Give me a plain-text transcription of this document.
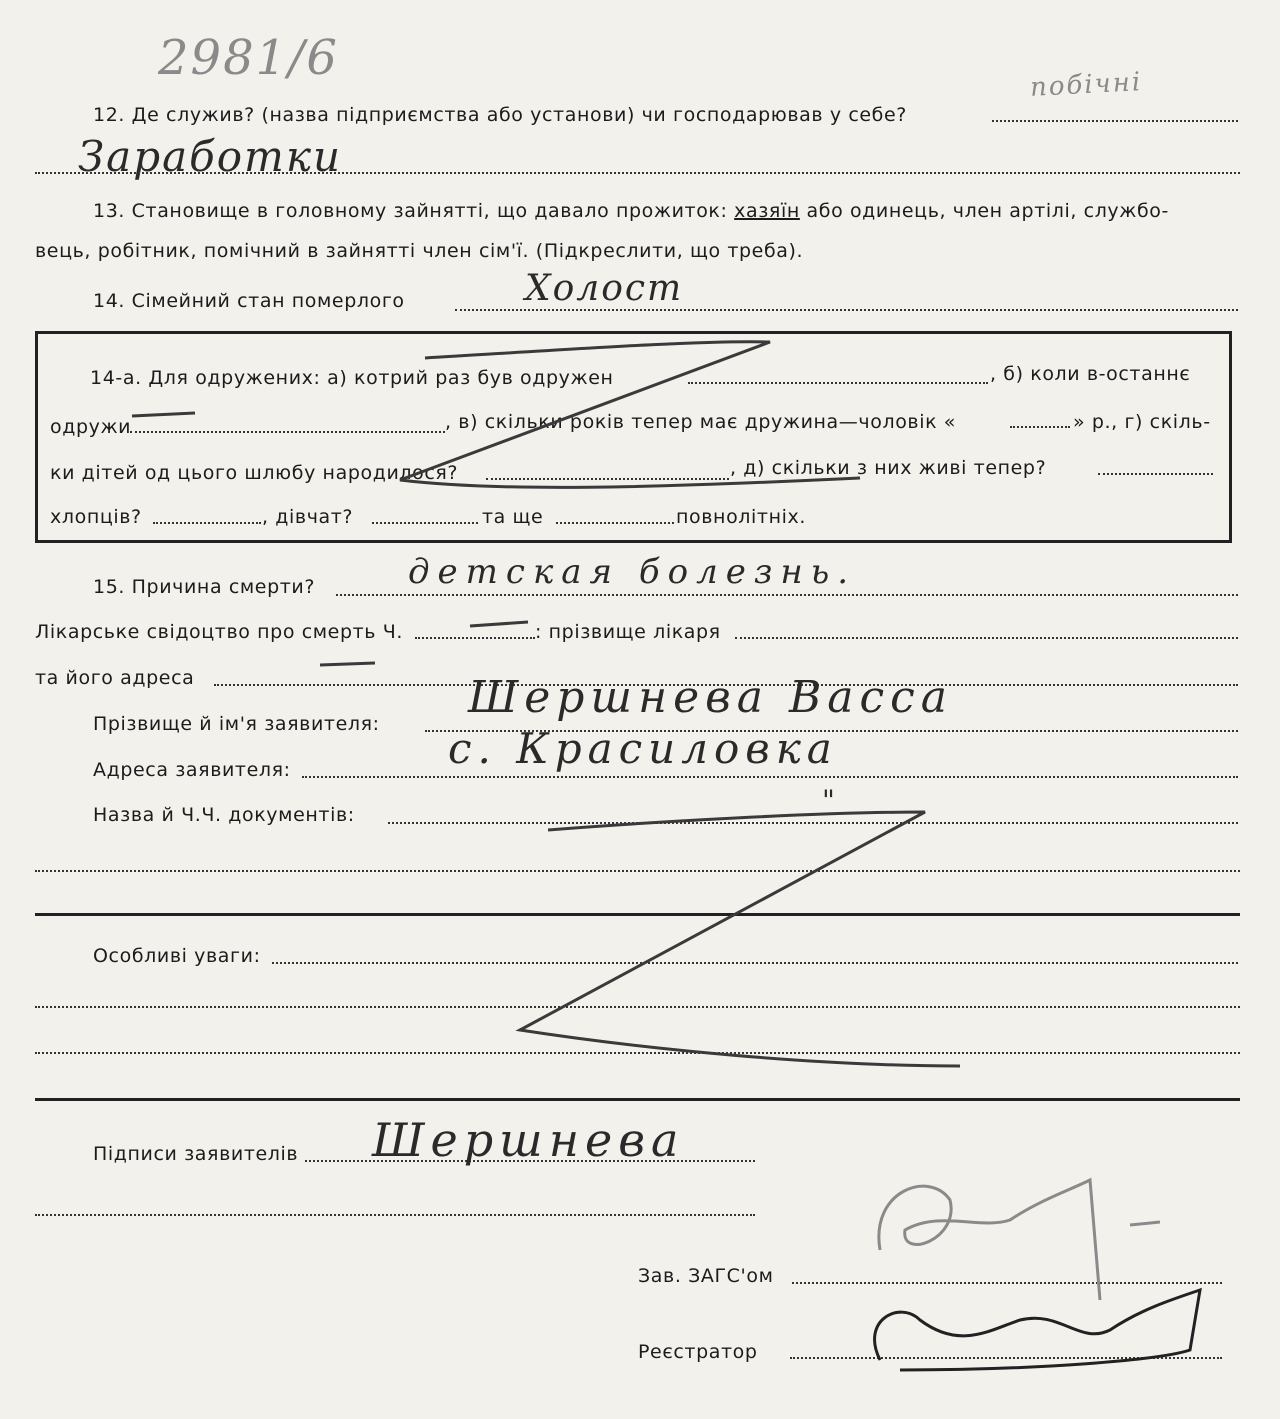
2981/6
12. Де служив? (назва підприємства або установи) чи господарював у себе?
побічні
Заработки
13. Становище в головному зайнятті, що давало прожиток: хазяїн або одинець, член артілі, службо-
вець, робітник, помічний в зайнятті член сім'ї. (Підкреслити, що треба).
14. Сімейний стан померлого	Холост
14-а. Для одружених: а) котрий раз був одружен	, б) коли в-останнє
одружи	, в) скільки років тепер має дружина—чоловік «	» р., г) скіль-
ки дітей од цього шлюбу народилося?	, д) скільки з них живі тепер?
хлопців?	, дівчат?	та ще	повнолітніх.
15. Причина смерти?	детская болезнь.
Лікарське свідоцтво про смерть Ч.	: прізвище лікаря
та його адреса
Прізвище й ім'я заявителя:
Шершнева Васса
Адреса заявителя:	с. Красиловка
Назва й Ч.Ч. документів:	"
Особливі уваги:
Підписи заявителів Шершнева
Зав. ЗАГС'ом
Реєстратор
